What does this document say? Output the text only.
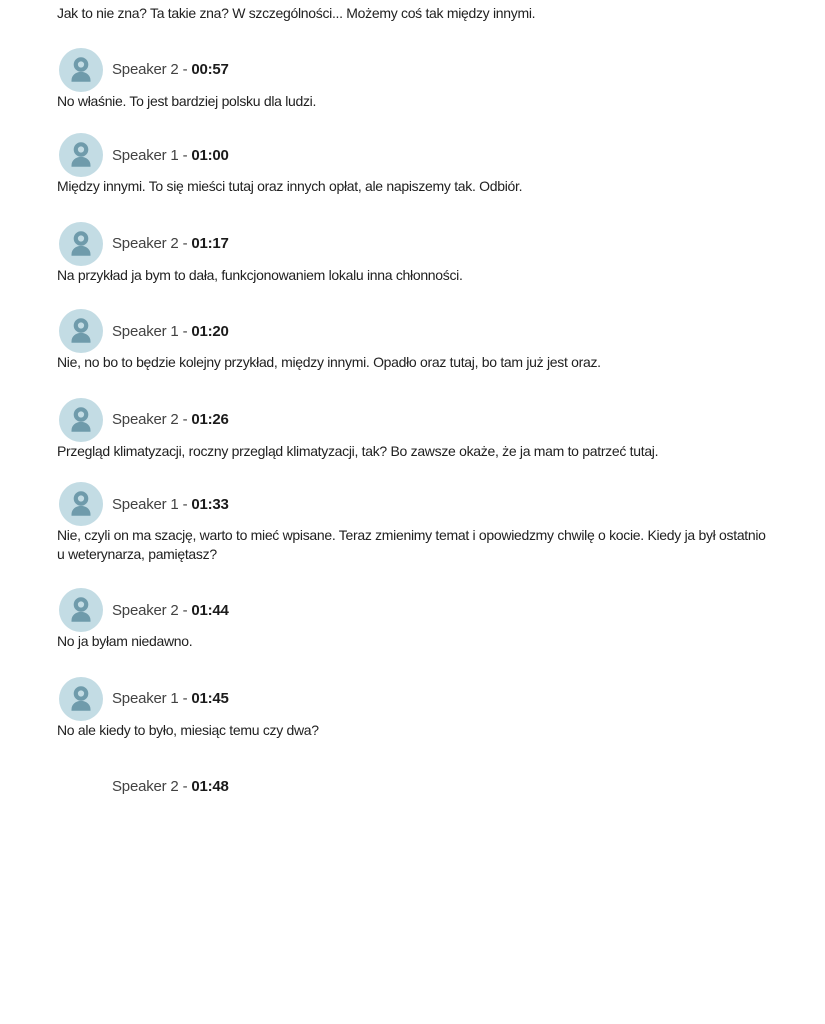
Jak to nie zna? Ta takie zna? W szczególności... Możemy coś tak między innymi.

Speaker 2 - 00:57

No właśnie. To jest bardziej polsku dla ludzi.

Speaker 1 - 01:00

Między innymi. To się mieści tutaj oraz innych opłat, ale napiszemy tak. Odbiór.

Speaker 2 - 01:17

Na przykład ja bym to dała, funkcjonowaniem lokalu inna chłonności.

Speaker 1 - 01:20

Nie, no bo to będzie kolejny przykład, między innymi. Opadło oraz tutaj, bo tam już jest oraz.

Speaker 2 - 01:26

Przegląd klimatyzacji, roczny przegląd klimatyzacji, tak? Bo zawsze okaże, że ja mam to patrzeć tutaj.

Speaker 1 - 01:33

Nie, czyli on ma szację, warto to mieć wpisane. Teraz zmienimy temat i opowiedzmy chwilę o kocie. Kiedy ja był ostatnio u weterynarza, pamiętasz?

Speaker 2 - 01:44

No ja byłam niedawno.

Speaker 1 - 01:45

No ale kiedy to było, miesiąc temu czy dwa?

Speaker 2 - 01:48
